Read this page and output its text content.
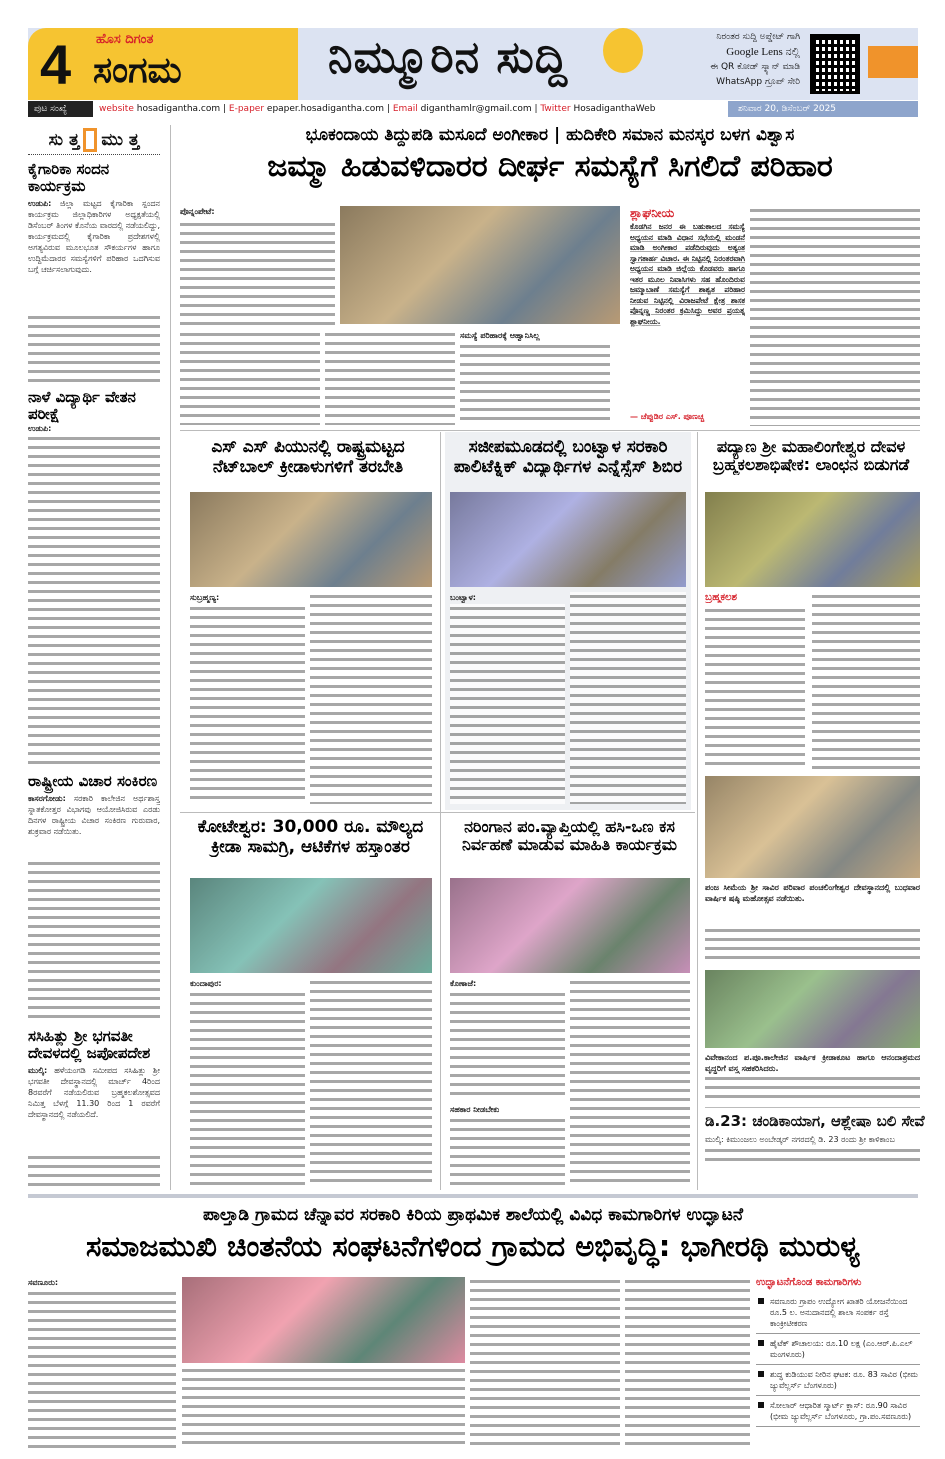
4 ಹೊಸ ದಿಗಂತ
ಸಂಗಮ	ನಿಮ್ಮೂರಿನ ಸುದ್ದಿ	ನಿರಂತರ ಸುದ್ದಿ ಅಪ್ಡೇಟ್ ಗಾಗಿ
Google Lens ನಲ್ಲಿ
ಈ QR ಕೋಡ್ ಸ್ಕ್ಯಾನ್ ಮಾಡಿ
WhatsApp ಗ್ರೂಪ್ ಸೇರಿ
ಪುಟ ಸಂಖ್ಯೆ	website hosadigantha.com | E-paper epaper.hosadigantha.com | Email diganthamlr@gmail.com | Twitter HosadiganthaWeb	ಶನಿವಾರ 20, ಡಿಸೆಂಬರ್ 2025
ಸು ತ್ತ ಮು ತ್ತ
ಕೈಗಾರಿಕಾ ಸಂದನ ಕಾರ್ಯಕ್ರಮ
ಉಡುಪಿ: ಜಿಲ್ಲಾ ಮಟ್ಟದ ಕೈಗಾರಿಕಾ ಸ್ಪಂದನ ಕಾರ್ಯಕ್ರಮ ಜಿಲ್ಲಾಧಿಕಾರಿಗಳ ಅಧ್ಯಕ್ಷತೆಯಲ್ಲಿ ಡಿಸೆಂಬರ್ ತಿಂಗಳ ಕೊನೆಯ ವಾರದಲ್ಲಿ ನಡೆಯಲಿದ್ದು, ಕಾರ್ಯಕ್ರಮದಲ್ಲಿ ಕೈಗಾರಿಕಾ ಪ್ರದೇಶಗಳಲ್ಲಿ ಅಗತ್ಯವಿರುವ ಮೂಲಭೂತ ಸೌಕರ್ಯಗಳ ಹಾಗೂ ಉದ್ದಿಮೆದಾರರ ಸಮಸ್ಯೆಗಳಿಗೆ ಪರಿಹಾರ ಒದಗಿಸುವ ಬಗ್ಗೆ ಚರ್ಚಿಸಲಾಗುವುದು.
ನಾಳೆ ವಿದ್ಯಾರ್ಥಿ ವೇತನ ಪರೀಕ್ಷೆ
ಉಡುಪಿ:
ರಾಷ್ಟ್ರೀಯ ವಿಚಾರ ಸಂಕಿರಣ
ಕಾಸರಗೋಡು: ಸರಕಾರಿ ಕಾಲೇಜಿನ ಅರ್ಥಶಾಸ್ತ್ರ ಸ್ನಾತಕೋತ್ತರ ವಿಭಾಗವು ಆಯೋಜಿಸಿರುವ ಎರಡು ದಿನಗಳ ರಾಷ್ಟ್ರೀಯ ವಿಚಾರ ಸಂಕಿರಣ ಗುರುವಾರ, ಶುಕ್ರವಾರ ನಡೆಯಿತು.
ಸಸಿಹಿತ್ಲು ಶ್ರೀ ಭಗವತೀ ದೇವಳದಲ್ಲಿ ಜಪೋಪದೇಶ
ಮುಲ್ಕಿ: ಹಳೆಯಂಗಡಿ ಸಮೀಪದ ಸಸಿಹಿತ್ಲು ಶ್ರೀ ಭಗವತೀ ದೇವಸ್ಥಾನದಲ್ಲಿ ಮಾರ್ಚ್ 4ರಿಂದ 8ರವರೆಗೆ ನಡೆಯಲಿರುವ ಬ್ರಹ್ಮಕಲಶೋತ್ಸವದ ನಿಮಿತ್ತ ಬೆಳಗ್ಗೆ 11.30 ರಿಂದ 1 ರವರೆಗೆ ದೇವಸ್ಥಾನದಲ್ಲಿ ನಡೆಯಲಿದೆ.
ಭೂಕಂದಾಯ ತಿದ್ದುಪಡಿ ಮಸೂದೆ ಅಂಗೀಕಾರ | ಹುದಿಕೇರಿ ಸಮಾನ ಮನಸ್ಕರ ಬಳಗ ವಿಶ್ವಾಸ
ಜಮ್ಮಾ ಹಿಡುವಳಿದಾರರ ದೀರ್ಘ ಸಮಸ್ಯೆಗೆ ಸಿಗಲಿದೆ ಪರಿಹಾರ
ಪೊನ್ನಂಪೇಟೆ:	ಶ್ಲಾಘನೀಯ
ಕೊಡಗಿನ ಜನರ ಈ ಬಹುಕಾಲದ ಸಮಸ್ಯೆ ಅಧ್ಯಯನ ಮಾಡಿ ವಿಧಾನ ಸಭೆಯಲ್ಲಿ ಮಂಡನೆ ಮಾಡಿ ಅಂಗೀಕಾರ ಪಡೆದಿರುವುದು ಅತ್ಯಂತ ಸ್ವಾಗತಾರ್ಹ ವಿಚಾರ. ಈ ನಿಟ್ಟಿನಲ್ಲಿ ನಿರಂತರವಾಗಿ ಅಧ್ಯಯನ ಮಾಡಿ ಜಿಲ್ಲೆಯ ಕೊಡವರು ಹಾಗೂ ಇತರ ಮೂಲ ನಿವಾಸಿಗಳು ಸಹ ಹೊಂದಿರುವ ಜಮ್ಮಾಬಾಣೆ ಸಮಸ್ಯೆಗೆ ಶಾಶ್ವತ ಪರಿಹಾರ ನೀಡುವ ನಿಟ್ಟಿನಲ್ಲಿ ವಿರಾಜಪೇಟೆ ಕ್ಷೇತ್ರ ಶಾಸಕ ಪೊನ್ನಣ್ಣ ನಿರಂತರ ಕ್ರಮಿಸಿದ್ದು ಅವರ ಪ್ರಯತ್ನ ಶ್ಲಾಘನೀಯ.
— ಚೆಪ್ಪುಡಿರ ಎಸ್. ಪೂಣಚ್ಚ
ಸಮಸ್ಯೆ ಪರಿಹಾರಕ್ಕೆ ಆಹ್ವಾನಿಸಿಲ್ಲ
ಎಸ್ ಎಸ್ ಪಿಯುನಲ್ಲಿ ರಾಷ್ಟ್ರಮಟ್ಟದ ನೆಟ್‌ಬಾಲ್ ಕ್ರೀಡಾಳುಗಳಿಗೆ ತರಬೇತಿ
ಸಜೀಪಮೂಡದಲ್ಲಿ ಬಂಟ್ವಾಳ ಸರಕಾರಿ ಪಾಲಿಟೆಕ್ನಿಕ್ ವಿದ್ಯಾರ್ಥಿಗಳ ಎನ್ನೆಸ್ಸೆಸ್ ಶಿಬಿರ
ಪದ್ಯಾಣ ಶ್ರೀ ಮಹಾಲಿಂಗೇಶ್ವರ ದೇವಳ ಬ್ರಹ್ಮಕಲಶಾಭಿಷೇಕ: ಲಾಂಛನ ಬಿಡುಗಡೆ
ಸುಬ್ರಹ್ಮಣ್ಯ:	ಬಂಟ್ವಾಳ:	ಬ್ರಹ್ಮಕಲಶ
ಪಂಜ ಸೀಮೆಯ ಶ್ರೀ ಸಾವಿರ ಪರಿವಾರ ಪಂಚಲಿಂಗೇಶ್ವರ ದೇವಸ್ಥಾನದಲ್ಲಿ ಬುಧವಾರ ವಾರ್ಷಿಕ ಷಷ್ಠಿ ಮಹೋತ್ಸವ ನಡೆಯಿತು.
ವಿವೇಕಾನಂದ ಪ.ಪೂ.ಕಾಲೇಜಿನ ವಾರ್ಷಿಕ ಕ್ರೀಡಾಕೂಟ ಹಾಗೂ ಆನಂದಾಶ್ರಮದ ವೃದ್ಧರಿಗೆ ವಸ್ತ್ರ ಸಹಕರಿಸಿದರು.
ಡಿ.23: ಚಂಡಿಕಾಯಾಗ, ಆಶ್ಲೇಷಾ ಬಲಿ ಸೇವೆ
ಮುಲ್ಕಿ: ಕಿಮುಂಜಲು ಅಂಬೇಡ್ಕರ್ ನಗರದಲ್ಲಿ ಡಿ. 23 ರಂದು ಶ್ರೀ ಕಾಳಿಕಾಂಬ
ಕೋಟೇಶ್ವರ: 30,000 ರೂ. ಮೌಲ್ಯದ ಕ್ರೀಡಾ ಸಾಮಗ್ರಿ, ಆಟಿಕೆಗಳ ಹಸ್ತಾಂತರ
ನರಿಂಗಾನ ಪಂ.ವ್ಯಾಪ್ತಿಯಲ್ಲಿ ಹಸಿ-ಒಣ ಕಸ ನಿರ್ವಹಣೆ ಮಾಡುವ ಮಾಹಿತಿ ಕಾರ್ಯಕ್ರಮ
ಕುಂದಾಪುರ:	ಕೊಣಾಜೆ:
ಸಹಕಾರ ನೀಡಬೇಕು
ಪಾಲ್ತಾಡಿ ಗ್ರಾಮದ ಚೆನ್ನಾವರ ಸರಕಾರಿ ಕಿರಿಯ ಪ್ರಾಥಮಿಕ ಶಾಲೆಯಲ್ಲಿ ವಿವಿಧ ಕಾಮಗಾರಿಗಳ ಉದ್ಘಾಟನೆ
ಸಮಾಜಮುಖಿ ಚಿಂತನೆಯ ಸಂಘಟನೆಗಳಿಂದ ಗ್ರಾಮದ ಅಭಿವೃದ್ಧಿ: ಭಾಗೀರಥಿ ಮುರುಳ್ಯ
ಸವಣೂರು:	ಉದ್ಘಾಟನೆಗೊಂಡ ಕಾಮಗಾರಿಗಳು
ಸವಣೂರು ಗ್ರಾಪಂ ಉದ್ಯೋಗ ಖಾತರಿ ಯೋಜನೆಯಿಂದ ರೂ.5 ಲ. ಅನುದಾನದಲ್ಲಿ ಶಾಲಾ ಸಂಪರ್ಕ ರಸ್ತೆ ಕಾಂಕ್ರೀಟೀಕರಣ
ಹೈಟೆಕ್ ಶೌಚಾಲಯ: ರೂ.10 ಲಕ್ಷ (ಎಂ.ಆರ್.ಪಿ.ಎಲ್ ಮಂಗಳೂರು)
ಶುದ್ಧ ಕುಡಿಯುವ ನೀರಿನ ಘಟಕ: ರೂ. 83 ಸಾವಿರ (ಭೀಮ ಜ್ಯುವೆಲ್ಲರ್ಸ್ ಬೆಂಗಳೂರು)
ಸೋಲಾರ್ ಆಧಾರಿತ ಸ್ಮಾರ್ಟ್ ಕ್ಲಾಸ್: ರೂ.90 ಸಾವಿರ (ಭೀಮ ಜ್ಯುವೆಲ್ಲರ್ಸ್ ಬೆಂಗಳೂರು, ಗ್ರಾ.ಪಂ.ಸವಣೂರು)
